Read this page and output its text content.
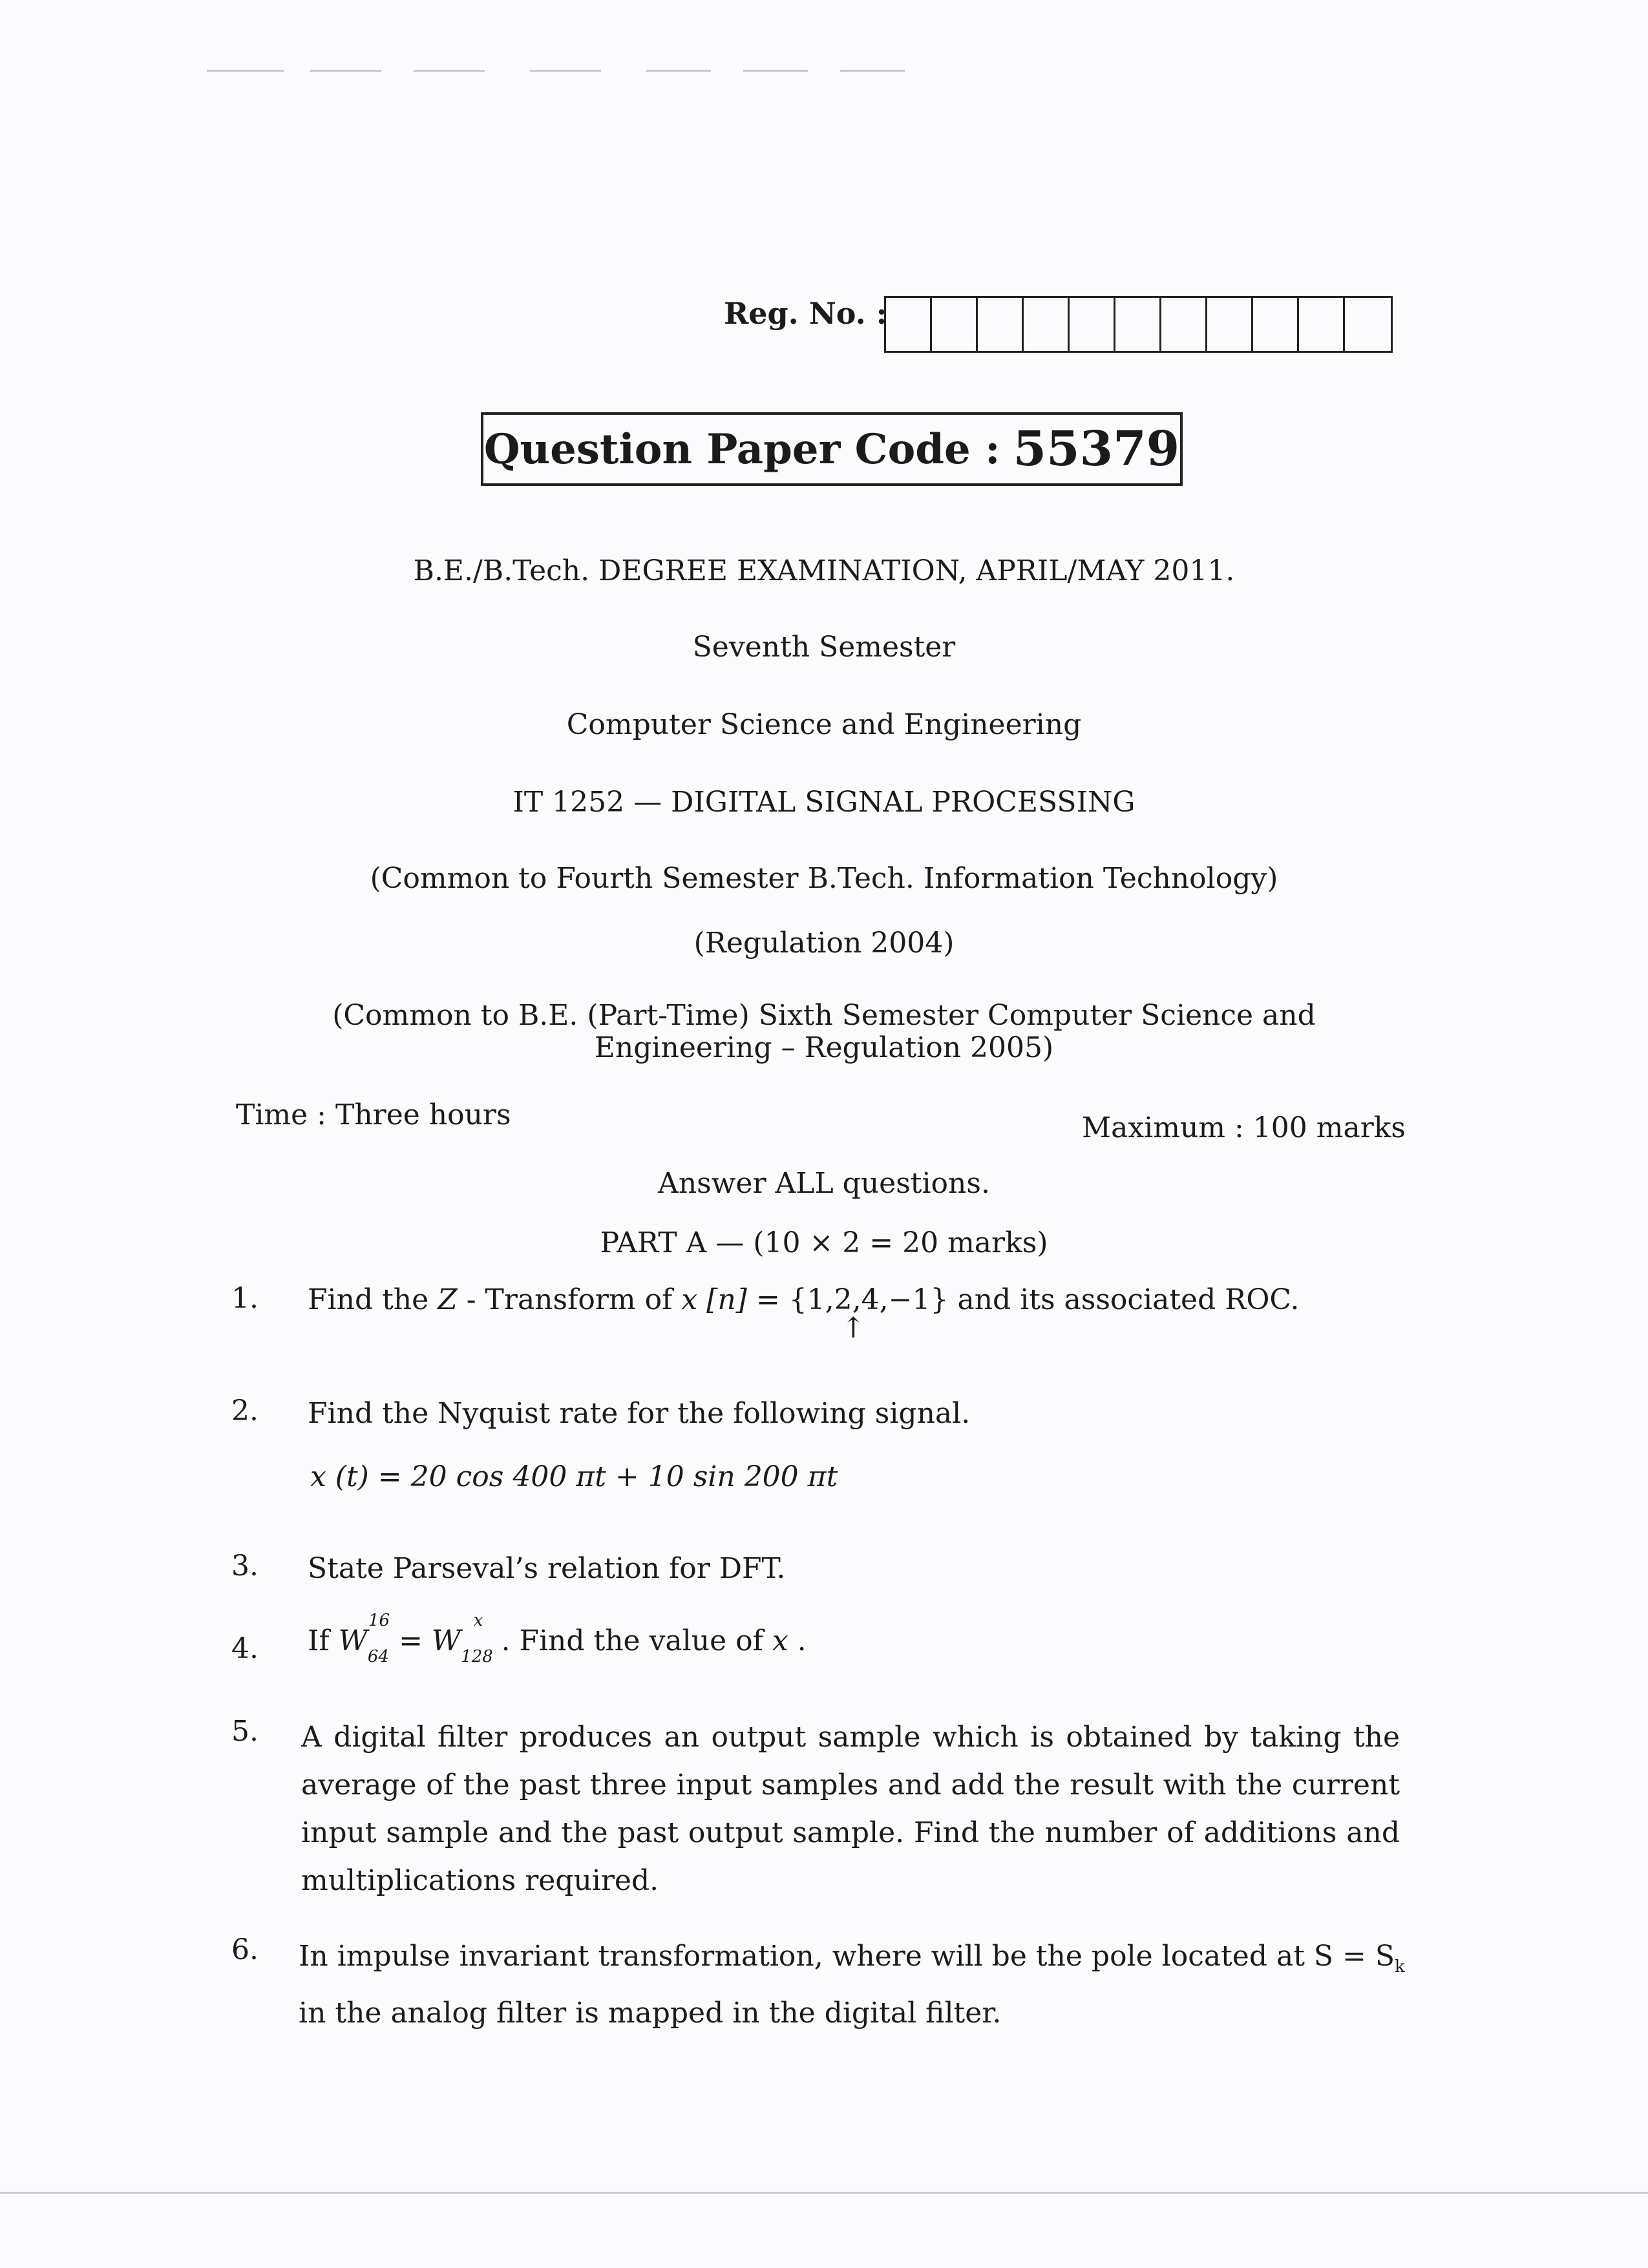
Reg. No. :
Question Paper Code : 55379
B.E./B.Tech. DEGREE EXAMINATION, APRIL/MAY 2011.
Seventh Semester
Computer Science and Engineering
IT 1252 — DIGITAL SIGNAL PROCESSING
(Common to Fourth Semester B.Tech. Information Technology)
(Regulation 2004)
(Common to B.E. (Part-Time) Sixth Semester Computer Science and
Engineering – Regulation 2005)
Time : Three hours	Maximum : 100 marks
Answer ALL questions.
PART A — (10 × 2 = 20 marks)
1. Find the Z - Transform of x [n] = {1,2,4,−1} and its associated ROC.
↑
2. Find the Nyquist rate for the following signal.
x (t) = 20 cos 400 πt + 10 sin 200 πt
3. State Parseval’s relation for DFT.
4. If $W_{64}^{16} = W_{128}^x$ . Find the value of x .
5. A digital filter produces an output sample which is obtained by taking the average of the past three input samples and add the result with the current input sample and the past output sample. Find the number of additions and multiplications required.
6. In impulse invariant transformation, where will be the pole located at $S = S_k$
in the analog filter is mapped in the digital filter.
